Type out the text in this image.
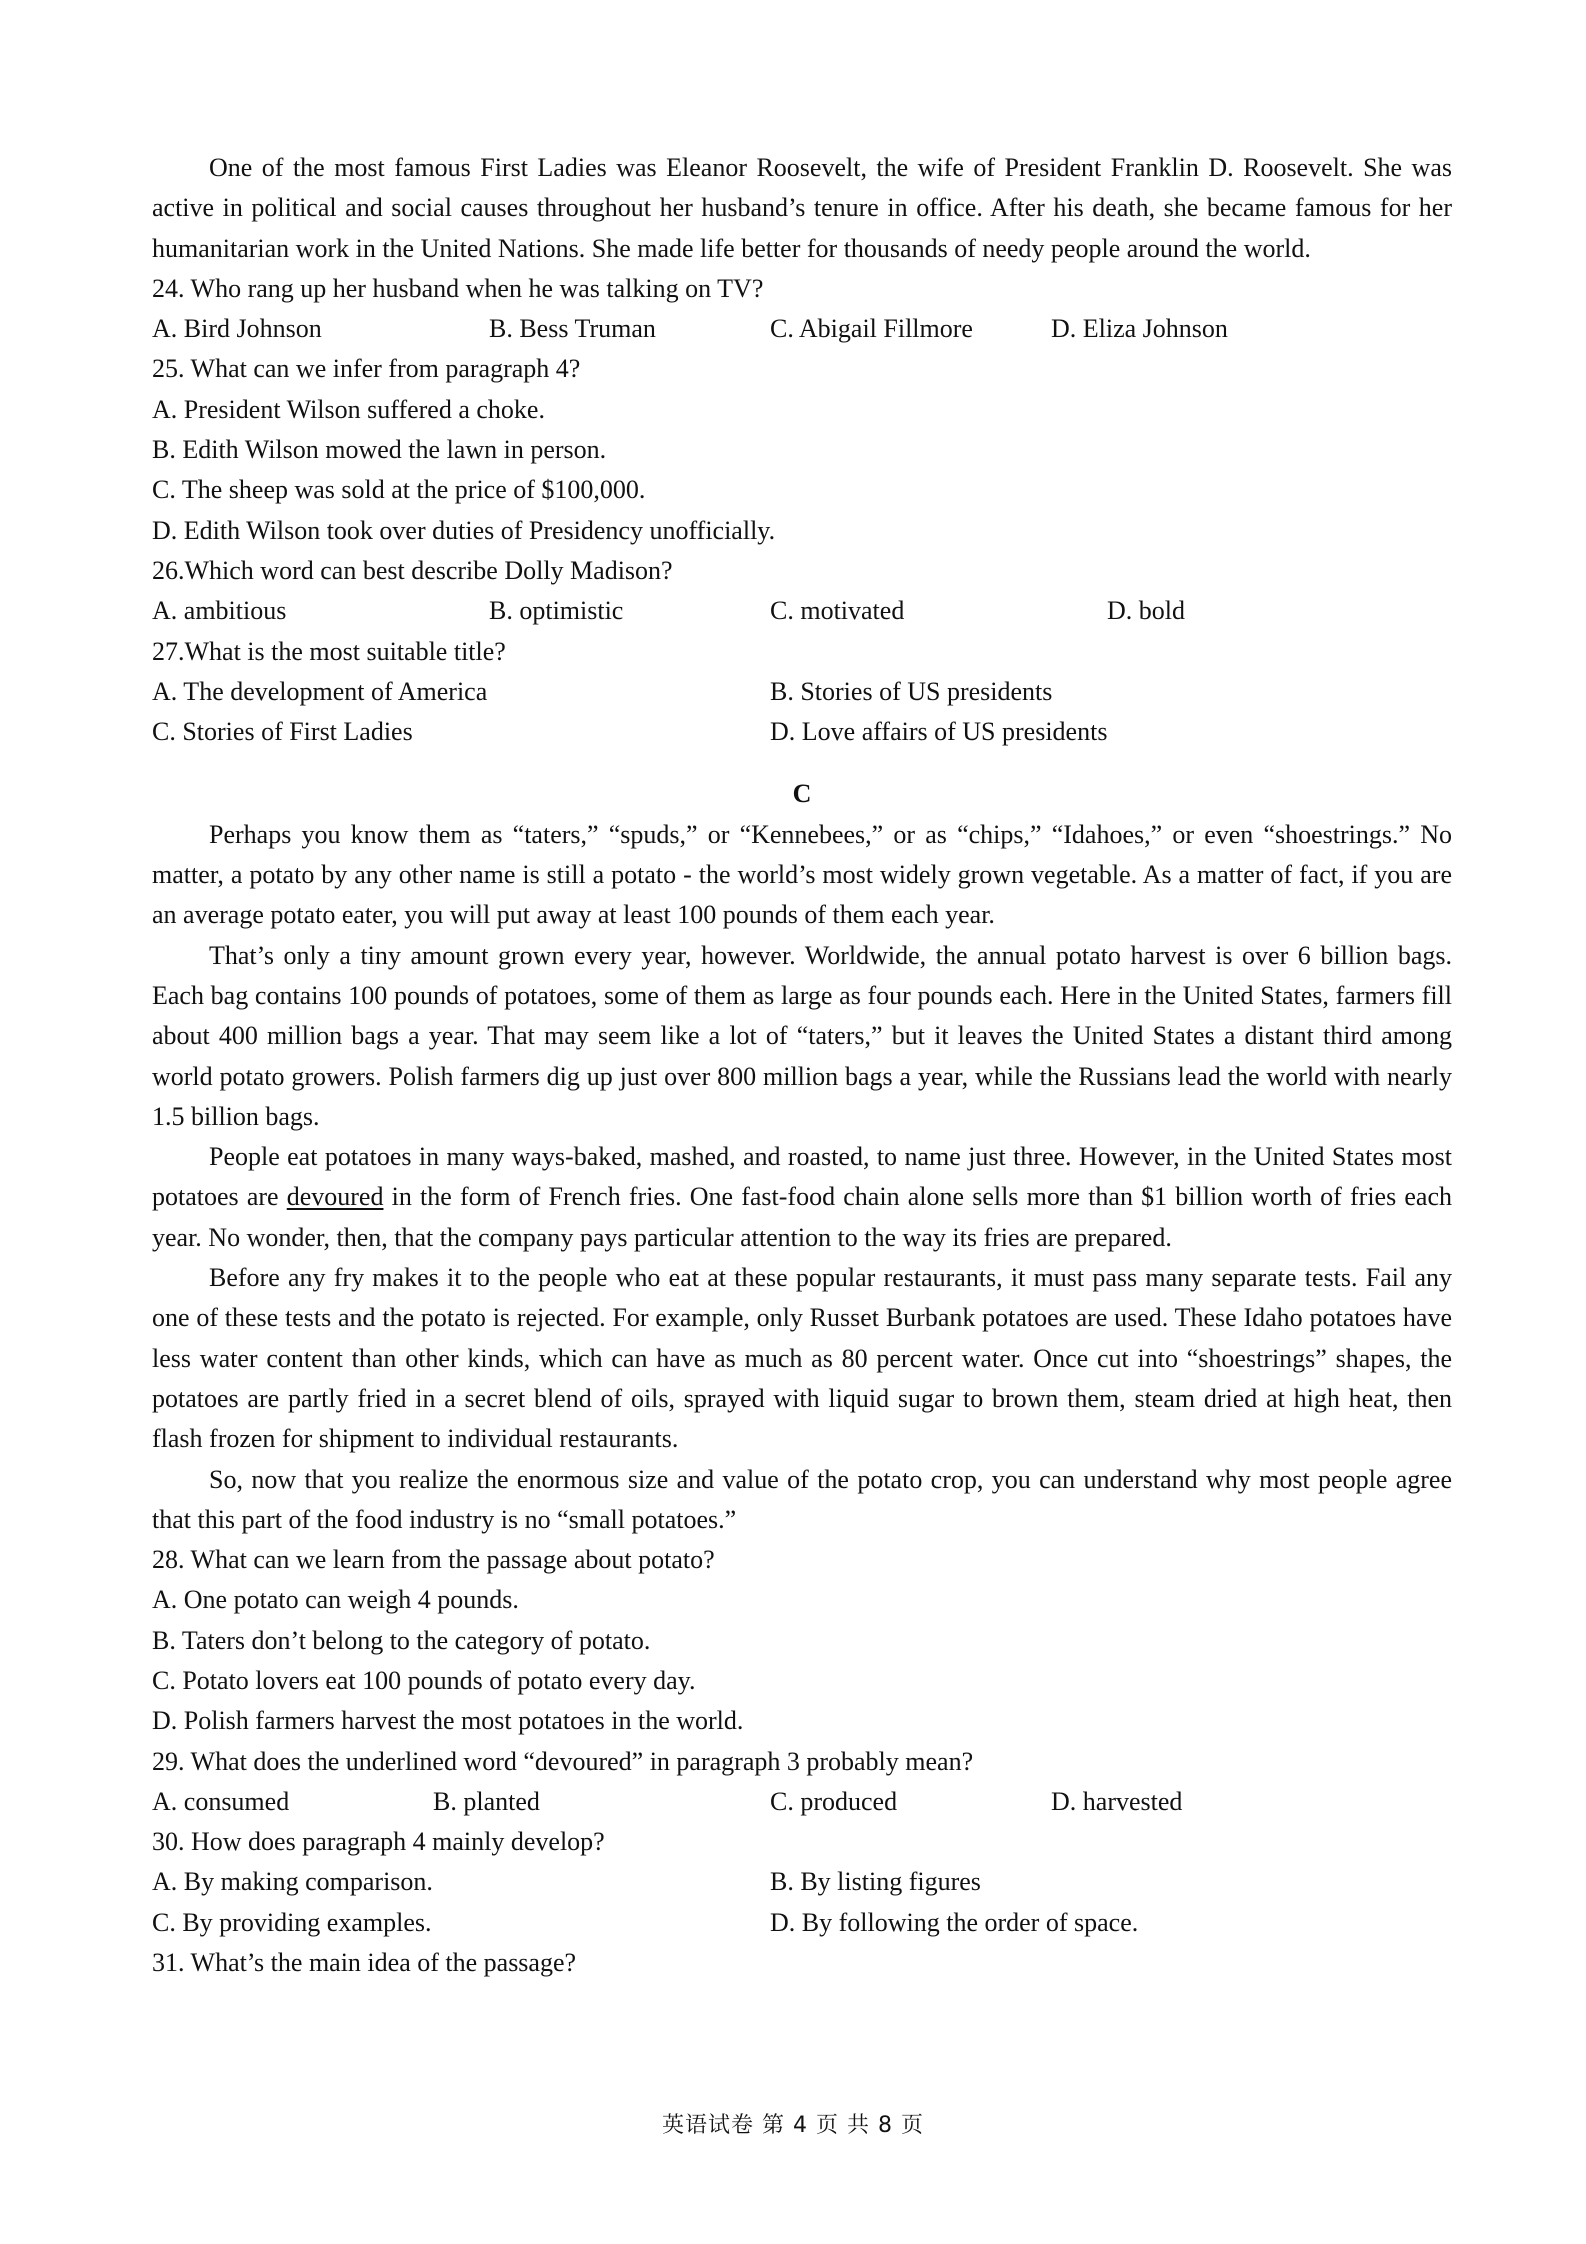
One of the most famous First Ladies was Eleanor Roosevelt, the wife of President Franklin D. Roosevelt. She was active in political and social causes throughout her husband’s tenure in office. After his death, she became famous for her humanitarian work in the United Nations. She made life better for thousands of needy people around the world.
24. Who rang up her husband when he was talking on TV?
A. Bird Johnson	B. Bess Truman	C. Abigail Fillmore	D. Eliza Johnson
25. What can we infer from paragraph 4?
A. President Wilson suffered a choke.
B. Edith Wilson mowed the lawn in person.
C. The sheep was sold at the price of $100,000.
D. Edith Wilson took over duties of Presidency unofficially.
26.Which word can best describe Dolly Madison?
A. ambitious	B. optimistic	C. motivated	D. bold
27.What is the most suitable title?
A. The development of America	B. Stories of US presidents
C. Stories of First Ladies	D. Love affairs of US presidents
C
Perhaps you know them as “taters,” “spuds,” or “Kennebees,” or as “chips,” “Idahoes,” or even “shoestrings.” No matter, a potato by any other name is still a potato - the world’s most widely grown vegetable. As a matter of fact, if you are an average potato eater, you will put away at least 100 pounds of them each year.
That’s only a tiny amount grown every year, however. Worldwide, the annual potato harvest is over 6 billion bags. Each bag contains 100 pounds of potatoes, some of them as large as four pounds each. Here in the United States, farmers fill about 400 million bags a year. That may seem like a lot of “taters,” but it leaves the United States a distant third among world potato growers. Polish farmers dig up just over 800 million bags a year, while the Russians lead the world with nearly 1.5 billion bags.
People eat potatoes in many ways-baked, mashed, and roasted, to name just three. However, in the United States most potatoes are devoured in the form of French fries. One fast-food chain alone sells more than $1 billion worth of fries each year. No wonder, then, that the company pays particular attention to the way its fries are prepared.
Before any fry makes it to the people who eat at these popular restaurants, it must pass many separate tests. Fail any one of these tests and the potato is rejected. For example, only Russet Burbank potatoes are used. These Idaho potatoes have less water content than other kinds, which can have as much as 80 percent water. Once cut into “shoestrings” shapes, the potatoes are partly fried in a secret blend of oils, sprayed with liquid sugar to brown them, steam dried at high heat, then flash frozen for shipment to individual restaurants.
So, now that you realize the enormous size and value of the potato crop, you can understand why most people agree that this part of the food industry is no “small potatoes.”
28. What can we learn from the passage about potato?
A. One potato can weigh 4 pounds.
B. Taters don’t belong to the category of potato.
C. Potato lovers eat 100 pounds of potato every day.
D. Polish farmers harvest the most potatoes in the world.
29. What does the underlined word “devoured” in paragraph 3 probably mean?
A. consumed	B. planted	C. produced	D. harvested
30. How does paragraph 4 mainly develop?
A. By making comparison.	B. By listing figures
C. By providing examples.	D. By following the order of space.
31. What’s the main idea of the passage?
英语试卷 第 4 页 共 8 页
